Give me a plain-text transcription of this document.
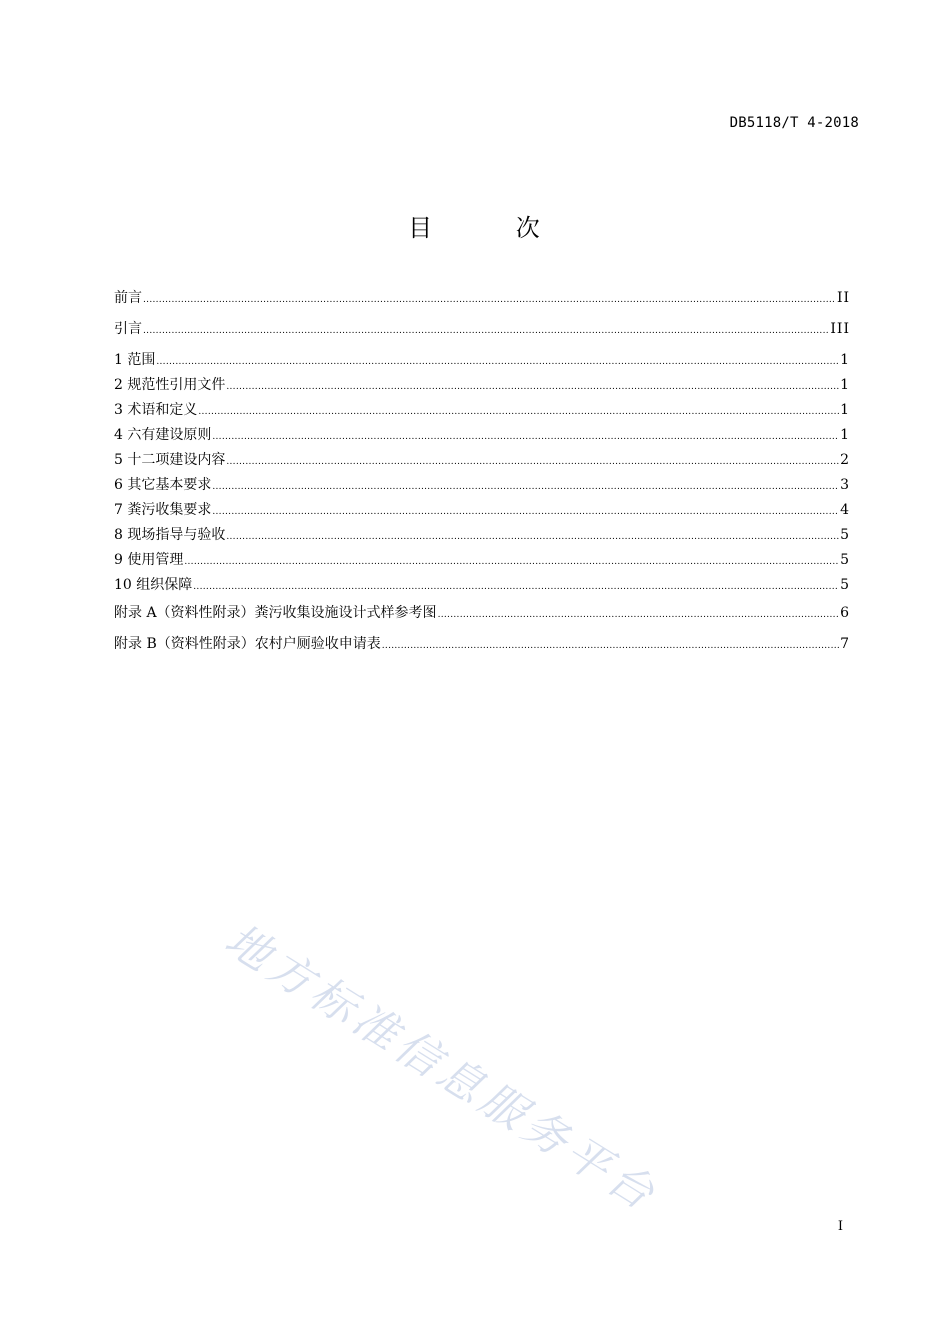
DB5118/T 4-2018
目 次
前言 .....	II
引言 .....	III
1 范围 .....	1
2 规范性引用文件 .....	1
3 术语和定义 .....	1
4 六有建设原则 .....	1
5 十二项建设内容 .....	2
6 其它基本要求 .....	3
7 粪污收集要求 .....	4
8 现场指导与验收 .....	5
9 使用管理 .....	5
10 组织保障 .....	5
附录 A（资料性附录）粪污收集设施设计式样参考图 .....	6
附录 B（资料性附录）农村户厕验收申请表 .....	7
地方标准信息服务平台
I
